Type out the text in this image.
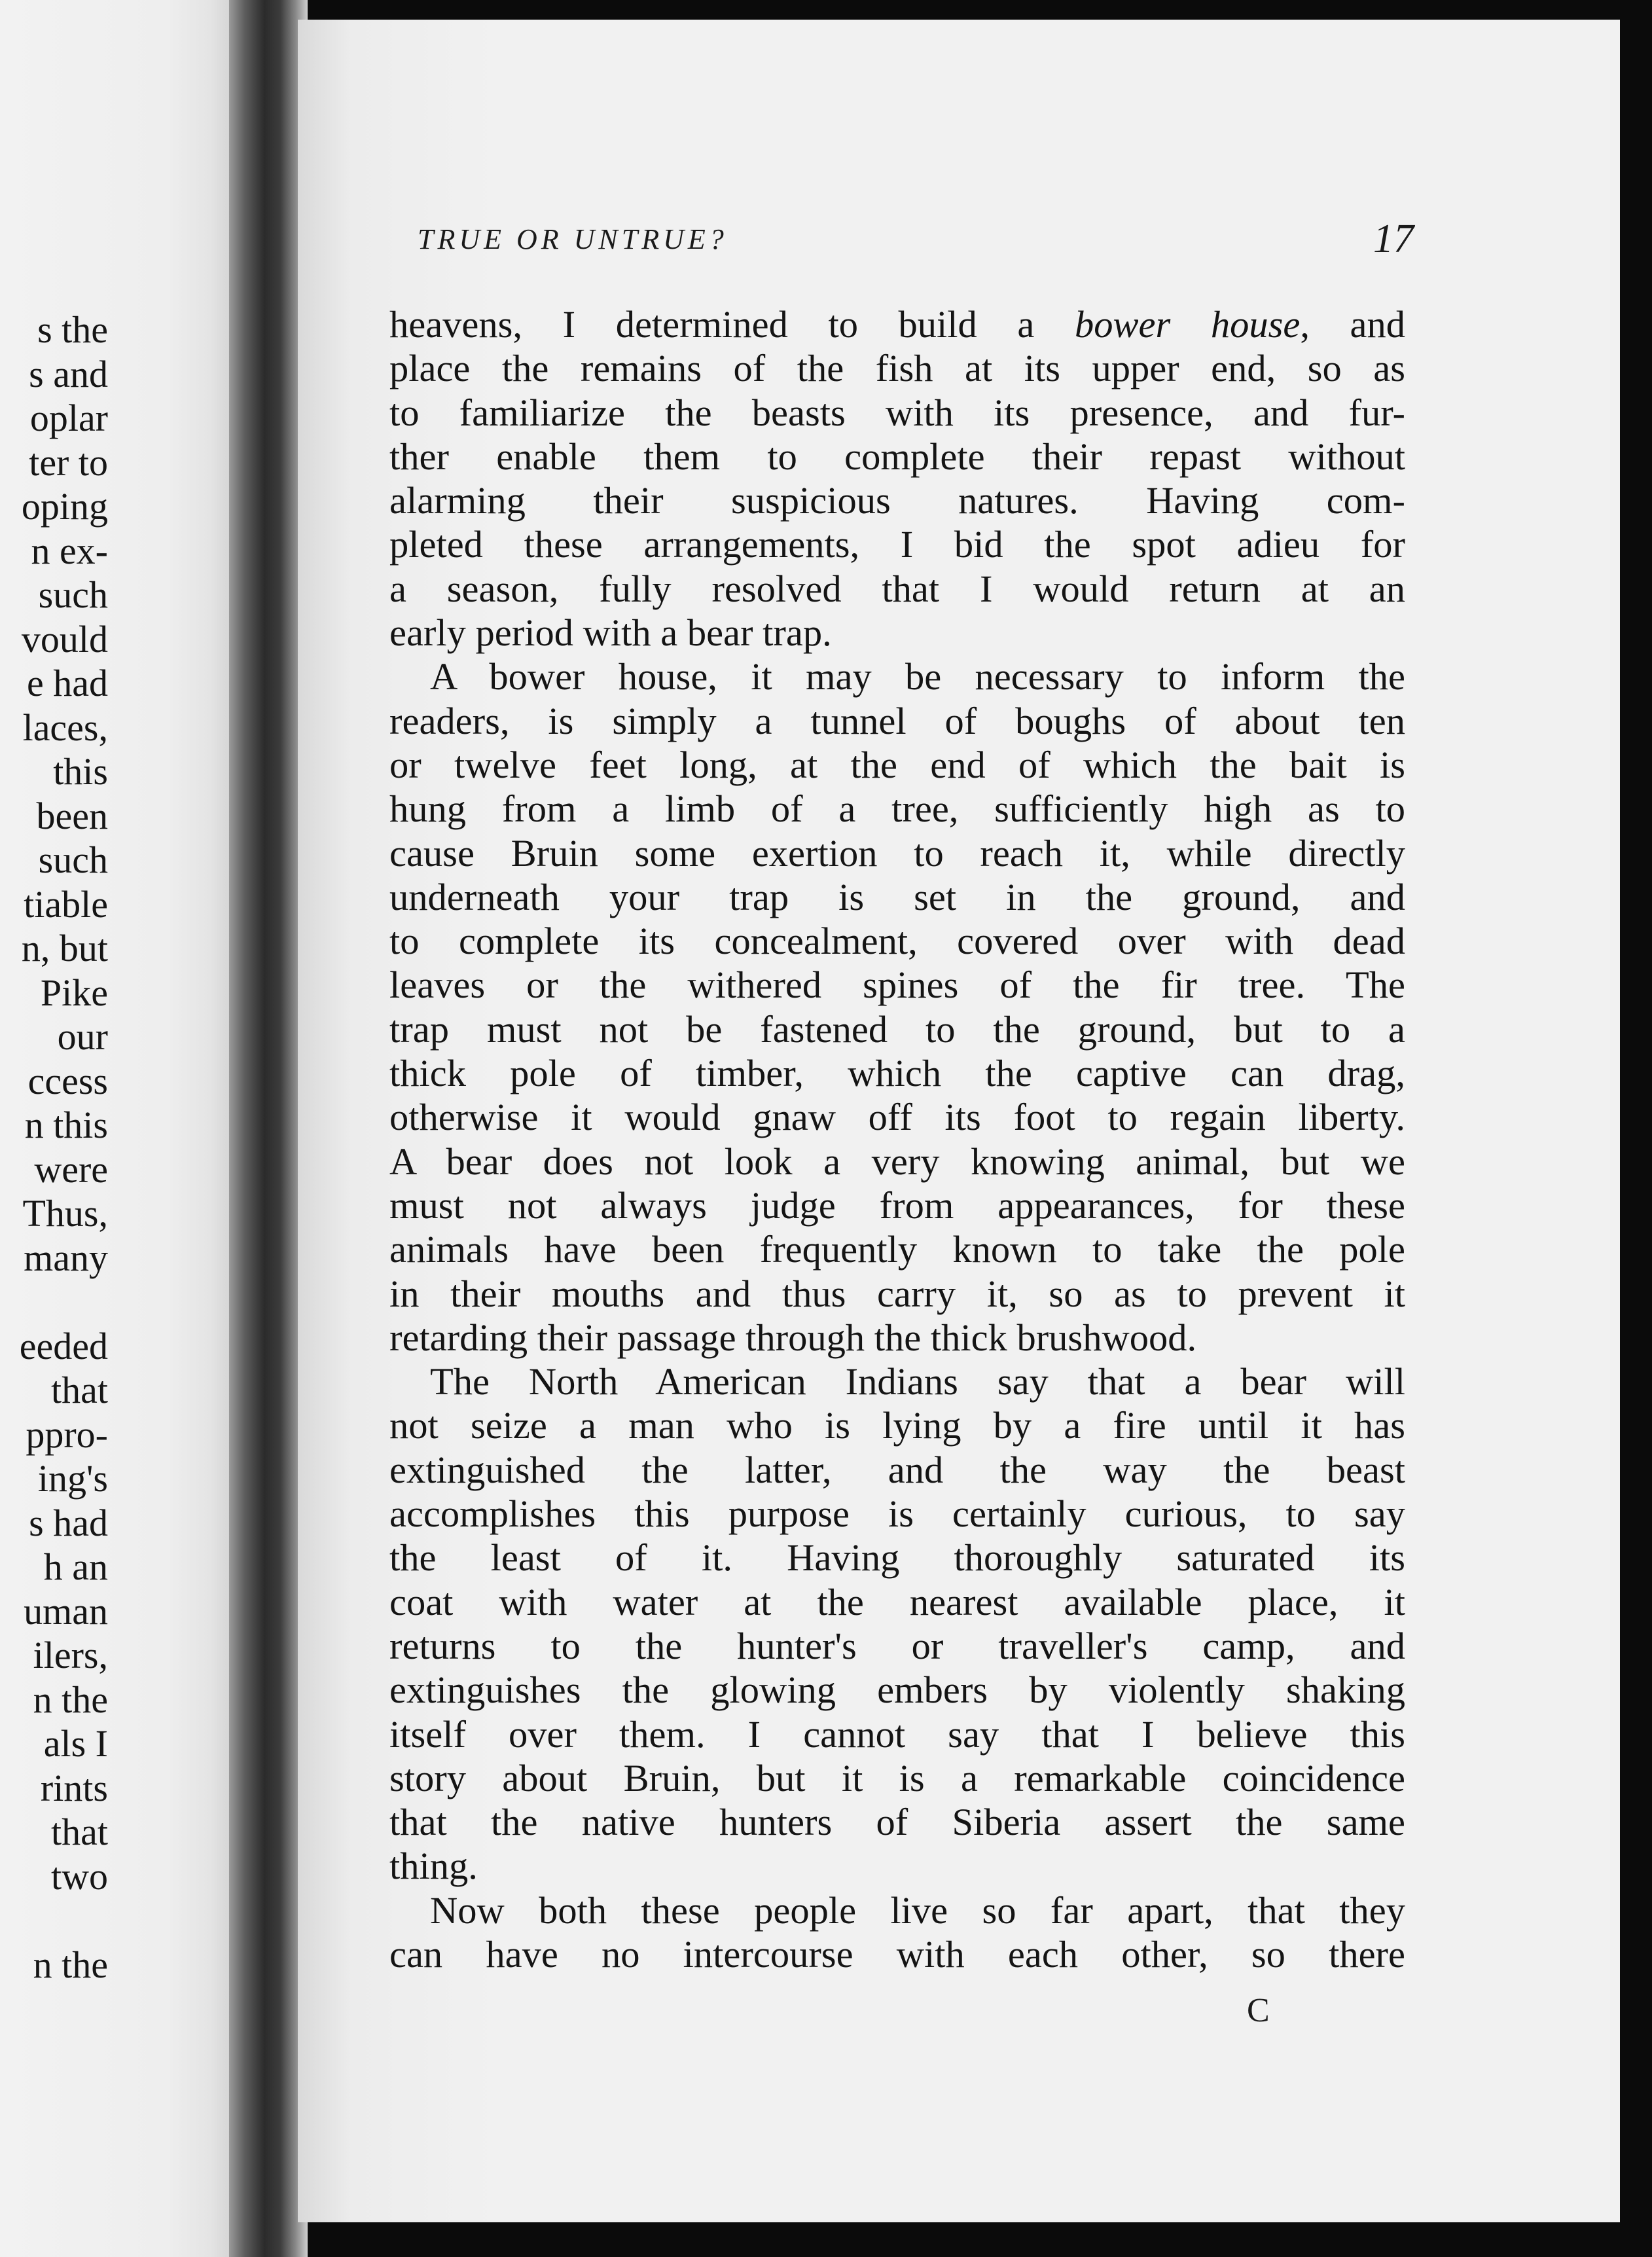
s the
s and
oplar
ter to
oping
n ex-
such
vould
e had
laces,
this
been
such
tiable
n, but
Pike
our
ccess
n this
were
Thus,
many
eeded
that
ppro-
ing's
s had
h an
uman
ilers,
n the
als I
rints
that
two
n the
TRUE OR UNTRUE?	17
heavens, I determined to build a bower house, and
place the remains of the fish at its upper end, so as
to familiarize the beasts with its presence, and fur-
ther enable them to complete their repast without
alarming their suspicious natures. Having com-
pleted these arrangements, I bid the spot adieu for
a season, fully resolved that I would return at an
early period with a bear trap.
A bower house, it may be necessary to inform the
readers, is simply a tunnel of boughs of about ten
or twelve feet long, at the end of which the bait is
hung from a limb of a tree, sufficiently high as to
cause Bruin some exertion to reach it, while directly
underneath your trap is set in the ground, and
to complete its concealment, covered over with dead
leaves or the withered spines of the fir tree. The
trap must not be fastened to the ground, but to a
thick pole of timber, which the captive can drag,
otherwise it would gnaw off its foot to regain liberty.
A bear does not look a very knowing animal, but we
must not always judge from appearances, for these
animals have been frequently known to take the pole
in their mouths and thus carry it, so as to prevent it
retarding their passage through the thick brushwood.
The North American Indians say that a bear will
not seize a man who is lying by a fire until it has
extinguished the latter, and the way the beast
accomplishes this purpose is certainly curious, to say
the least of it. Having thoroughly saturated its
coat with water at the nearest available place, it
returns to the hunter's or traveller's camp, and
extinguishes the glowing embers by violently shaking
itself over them. I cannot say that I believe this
story about Bruin, but it is a remarkable coincidence
that the native hunters of Siberia assert the same
thing.
Now both these people live so far apart, that they
can have no intercourse with each other, so there
C
